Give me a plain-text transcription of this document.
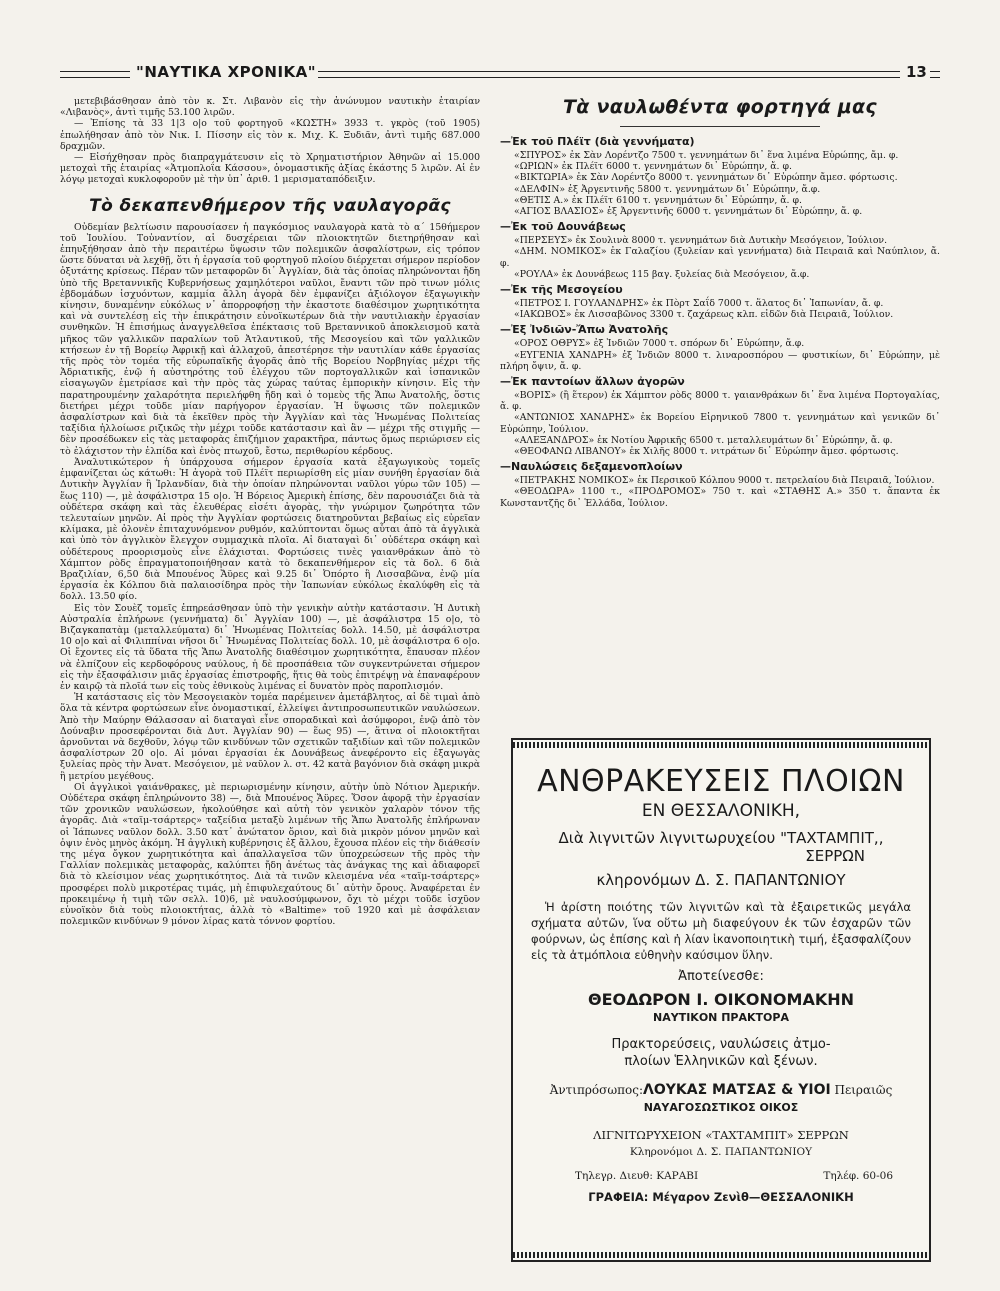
"ΝΑΥΤΙΚΑ ΧΡΟΝΙΚΑ"	13

μετεβιβάσθησαν ἀπὸ τὸν κ. Στ. Λιβανὸν εἰς τὴν ἀνώνυμον ναυτικὴν ἑταιρίαν «Λιβανὸς», ἀντὶ τιμῆς 53.100 λιρῶν.

— Ἐπίσης τὰ 33 1|3 ο|ο τοῦ φορτηγοῦ «ΚΩΣΤΗ» 3933 τ. γκρὸς (τοῦ 1905) ἐπωλήθησαν ἀπὸ τὸν Νικ. Ι. Πίσσην εἰς τὸν κ. Μιχ. Κ. Ξυδιᾶν, ἀντὶ τιμῆς 687.000 δραχμῶν.

— Εἰσήχθησαν πρὸς διαπραγμάτευσιν εἰς τὸ Χρηματιστήριον Ἀθηνῶν αἱ 15.000 μετοχαὶ τῆς ἑταιρίας «Ἀτμοπλοΐα Κάσσου», ὀνομαστικῆς ἀξίας ἑκάστης 5 λιρῶν. Αἱ ἐν λόγῳ μετοχαὶ κυκλοφοροῦν μὲ τὴν ὑπ᾿ ἀριθ. 1 μερισματαπόδειξιν.

Τὸ δεκαπενθήμερον τῆς ναυλαγορᾶς

Οὐδεμίαν βελτίωσιν παρουσίασεν ἡ παγκόσμιος ναυλαγορὰ κατὰ τὸ α΄ 15θήμερον τοῦ Ἰουλίου. Τοὐναντίον, αἱ δυσχέρειαι τῶν πλοιοκτητῶν διετηρήθησαν καὶ ἐπηυξήθησαν ἀπὸ τὴν περαιτέρω ὕψωσιν τῶν πολεμικῶν ἀσφαλίστρων, εἰς τρόπον ὥστε δύναται νὰ λεχθῇ, ὅτι ἡ ἐργασία τοῦ φορτηγοῦ πλοίου διέρχεται σήμερον περίοδον ὀξυτάτης κρίσεως. Πέραν τῶν μεταφορῶν δι᾿ Ἀγγλίαν, διὰ τὰς ὁποίας πληρώνονται ἤδη ὑπὸ τῆς Βρεταννικῆς Κυβερνήσεως χαμηλότεροι ναῦλοι, ἔναντι τῶν πρὸ τινων μόλις ἑβδομάδων ἰσχυόντων, καμμία ἄλλη ἀγορὰ δὲν ἐμφανίζει ἀξιόλογον ἐξαγωγικὴν κίνησιν, δυναμένην εὐκόλως ν᾿ ἀπορροφήσῃ τὴν ἑκαστοτε διαθέσιμον χωρητικότητα καὶ νὰ συντελέσῃ εἰς τὴν ἐπικράτησιν εὐνοϊκωτέρων διὰ τὴν ναυτιλιακὴν ἐργασίαν συνθηκῶν. Ἡ ἐπισήμως ἀναγγελθεῖσα ἐπέκτασις τοῦ Βρεταννικοῦ ἀποκλεισμοῦ κατὰ μῆκος τῶν γαλλικῶν παραλίων τοῦ Ἀτλαντικοῦ, τῆς Μεσογείου καὶ τῶν γαλλικῶν κτήσεων ἐν τῇ Βορείῳ Ἀφρικῇ καὶ ἀλλαχοῦ, ἀπεστέρησε τὴν ναυτιλίαν κάθε ἐργασίας τῆς πρὸς τὸν τομέα τῆς εὐρωπαϊκῆς ἀγορᾶς ἀπὸ τῆς Βορείου Νορβηγίας μέχρι τῆς Ἀδριατικῆς, ἐνῷ ἡ αὐστηρότης τοῦ ἐλέγχου τῶν πορτογαλλικῶν καὶ ἱσπανικῶν εἰσαγωγῶν ἐμετρίασε καὶ τὴν πρὸς τὰς χώρας ταύτας ἐμπορικὴν κίνησιν. Εἰς τὴν παρατηρουμένην χαλαρότητα περιελήφθη ἤδη καὶ ὁ τομεὺς τῆς Ἄπω Ἀνατολῆς, ὅστις διετήρει μέχρι τοῦδε μίαν παρήγορον ἐργασίαν. Ἡ ὕψωσις τῶν πολεμικῶν ἀσφαλίστρων καὶ διὰ τὰ ἐκεῖθεν πρὸς τὴν Ἀγγλίαν καὶ τὰς Ἡνωμένας Πολιτείας ταξίδια ἠλλοίωσε ριζικῶς τὴν μέχρι τοῦδε κατάστασιν καὶ ἂν — μέχρι τῆς στιγμῆς — δὲν προσέδωκεν εἰς τὰς μεταφορὰς ἐπιζήμιον χαρακτῆρα, πάντως ὅμως περιώρισεν εἰς τὸ ἐλάχιστον τὴν ἐλπίδα καὶ ἐνὸς πτωχοῦ, ἔστω, περιθωρίου κέρδους.

Ἀναλυτικώτερον ἡ ὑπάρχουσα σήμερον ἐργασία κατὰ ἐξαγωγικοὺς τομεῖς ἐμφανίζεται ὡς κάτωθι: Ἡ ἀγορὰ τοῦ Πλέϊτ περιωρίσθη εἰς μίαν συνήθη ἐργασίαν διὰ Δυτικὴν Ἀγγλίαν ἢ Ἰρλανδίαν, διὰ τὴν ὁποίαν πληρώνονται ναῦλοι γύρω τῶν 105) — ἕως 110) —, μὲ ἀσφάλιστρα 15 ο|ο. Ἡ Βόρειος Ἀμερικὴ ἐπίσης, δὲν παρουσιάζει διὰ τὰ οὐδέτερα σκάφη καὶ τὰς ἐλευθέρας εἰσέτι ἀγορὰς, τὴν γνώριμον ζωηρότητα τῶν τελευταίων μηνῶν. Αἱ πρὸς τὴν Ἀγγλίαν φορτώσεις διατηροῦνται βεβαίως εἰς εὐρεῖαν κλίμακα, μὲ ὀλονὲν ἐπιταχυνόμενον ρυθμόν, καλύπτονται ὅμως αὗται ἀπὸ τὰ ἀγγλικὰ καὶ ὑπὸ τὸν ἀγγλικὸν ἔλεγχον συμμαχικὰ πλοῖα. Αἱ διαταγαὶ δι᾿ οὐδέτερα σκάφη καὶ οὐδέτερους προορισμοὺς εἶνε ἐλάχισται. Φορτώσεις τινὲς γαιανθράκων ἀπὸ τὸ Χάμπτον ρὸδς ἐπραγματοποιήθησαν κατὰ τὸ δεκαπενθήμερον εἰς τὰ δολ. 6 διὰ Βραζιλίαν, 6,50 διὰ Μπουένος Ἄϋρες καὶ 9.25 δι᾿ Ὀπόρτο ἢ Λισσαβῶνα, ἐνῷ μία ἐργασία ἐκ Κόλπου διὰ παλαιοσίδηρα πρὸς τὴν Ἰαπωνίαν εὐκόλως ἐκαλύφθη εἰς τὰ δολλ. 13.50 φίο.

Εἰς τὸν Σουὲζ τομεῖς ἐπηρεάσθησαν ὑπὸ τὴν γενικὴν αὐτὴν κατάστασιν. Ἡ Δυτικὴ Αὐστραλία ἐπλήρωνε (γεννήματα) δι᾿ Ἀγγλίαν 100) —, μὲ ἀσφάλιστρα 15 ο|ο, τὸ Βιζαγκαπατὰμ (μεταλλεύματα) δι᾿ Ἡνωμένας Πολιτείας δολλ. 14.50, μὲ ἀσφάλιστρα 10 ο|ο καὶ αἱ Φιλιππίναι νῆσοι δι᾿ Ἡνωμένας Πολιτείας δολλ. 10, μὲ ἀσφάλιστρα 6 ο|ο. Οἱ ἔχοντες εἰς τὰ ὕδατα τῆς Ἄπω Ἀνατολῆς διαθέσιμον χωρητικότητα, ἔπαυσαν πλέον νὰ ἐλπίζουν εἰς κερδοφόρους ναύλους, ἡ δὲ προσπάθεια τῶν συγκεντρώνεται σήμερον εἰς τὴν ἐξασφάλισιν μιᾶς ἐργασίας ἐπιστροφῆς, ἥτις θὰ τοὺς ἐπιτρέψῃ νὰ ἐπαναφέρουν ἐν καιρῷ τὰ πλοῖά των εἰς τοὺς ἐθνικοὺς λιμένας εἰ δυνατὸν πρὸς παροπλισμόν.

Ἡ κατάστασις εἰς τὸν Μεσογειακὸν τομέα παρέμεινεν ἀμετάβλητος, αἱ δὲ τιμαὶ ἀπὸ ὅλα τὰ κέντρα φορτώσεων εἶνε ὀνομαστικαί, ἐλλείψει ἀντιπροσωπευτικῶν ναυλώσεων. Ἀπὸ τὴν Μαύρην Θάλασσαν αἱ διαταγαὶ εἶνε σποραδικαὶ καὶ ἀσύμφοροι, ἐνῷ ἀπὸ τὸν Δούναβιν προσεφέρονται διὰ Δυτ. Ἀγγλίαν 90) — ἕως 95) —, ἅτινα οἱ πλοιοκτῆται ἀρνοῦνται νὰ δεχθοῦν, λόγῳ τῶν κινδύνων τῶν σχετικῶν ταξιδίων καὶ τῶν πολεμικῶν ἀσφαλίστρων 20 ο|ο. Αἱ μόναι ἐργασίαι ἐκ Δουνάβεως ἀνεφέροντο εἰς ἐξαγωγὰς ξυλείας πρὸς τὴν Ἀνατ. Μεσόγειον, μὲ ναῦλον λ. στ. 42 κατὰ βαγόνιον διὰ σκάφη μικρὰ ἢ μετρίου μεγέθους.

Οἱ ἀγγλικοὶ γαιάνθρακες, μὲ περιωρισμένην κίνησιν, αὐτὴν ὑπὸ Νότιον Ἀμερικήν. Οὐδέτερα σκάφη ἐπληρώνοντο 38) —, διὰ Μπουένος Ἄϋρες. Ὅσον ἀφορᾷ τὴν ἐργασίαν τῶν χρονικῶν ναυλώσεων, ἠκολούθησε καὶ αὐτὴ τὸν γενικὸν χαλαρὸν τόνον τῆς ἀγορᾶς. Διὰ «ταϊμ-τσάρτερς» ταξείδια μεταξὺ λιμένων τῆς Ἄπω Ἀνατολῆς ἐπλήρωναν οἱ Ἰάπωνες ναῦλον δολλ. 3.50 κατ᾿ ἀνώτατον ὅριον, καὶ διὰ μικρὸν μόνον μηνῶν καὶ ὀψιν ἐνὸς μηνὸς ἀκόμη. Ἡ ἀγγλικὴ κυβέρνησις ἐξ ἄλλου, ἔχουσα πλέον εἰς τὴν διάθεσίν της μέγα ὄγκον χωρητικότητα καὶ ἀπαλλαγεῖσα τῶν ὑποχρεώσεων τῆς πρὸς τὴν Γαλλίαν πολεμικὰς μεταφορὰς, καλύπτει ἤδη ἀνέτως τὰς ἀνάγκας της καὶ ἀδιαφορεῖ διὰ τὸ κλείσιμον νέας χωρητικότητος. Διὰ τὰ τινῶν κλεισμένα νέα «ταϊμ-τσάρτερς» προσφέρει πολὺ μικροτέρας τιμάς, μὴ ἐπιφυλεχαύτους δι᾿ αὐτὴν ὄρους. Ἀναφέρεται ἐν προκειμένῳ ἡ τιμὴ τῶν σελλ. 10)6, μὲ ναυλοσύμφωνον, ὄχι τὸ μέχρι τοῦδε ἰσχῦον εὐνοϊκὸν διὰ τοὺς πλοιοκτήτας, ἀλλὰ τὸ «Baltime» τοῦ 1920 καὶ μὲ ἀσφάλειαν πολεμικῶν κινδύνων 9 μόνον λίρας κατὰ τόννον φορτίου.

Τὰ ναυλωθέντα φορτηγά μας
—Ἐκ τοῦ Πλέϊτ (διὰ γεννήματα)

«ΣΠΥΡΟΣ» ἐκ Σὰν Λορέντζο 7500 τ. γεννημάτων δι᾿ ἕνα λιμένα Εὐρώπης, ἄμ. φ.

«ΩΡΙΩΝ» ἐκ Πλέϊτ 6000 τ. γεννημάτων δι᾿ Εὐρώπην, ἄ. φ.

«ΒΙΚΤΩΡΙΑ» ἐκ Σὰν Λορέντζο 8000 τ. γεννημάτων δι᾿ Εὐρώπην ἄμεσ. φόρτωσις.

«ΔΕΛΦΙΝ» ἐξ Ἀργεντινῆς 5800 τ. γεννημάτων δι᾿ Εὐρώπην, ἄ.φ.

«ΘΕΤΙΣ Α.» ἐκ Πλέϊτ 6100 τ. γεννημάτων δι᾿ Εὐρώπην, ἄ. φ.

«ΑΓΙΟΣ ΒΛΑΣΙΟΣ» ἐξ Ἀργεντινῆς 6000 τ. γεννημάτων δι᾿ Εὐρώπην, ἄ. φ.

—Ἐκ τοῦ Δουνάβεως

«ΠΕΡΣΕΥΣ» ἐκ Σουλινὰ 8000 τ. γεννημάτων διὰ Δυτικὴν Μεσόγειον, Ἰούλιον.

«ΔΗΜ. ΝΟΜΙΚΟΣ» ἐκ Γαλαζίου (ξυλείαν καὶ γεννήματα) διὰ Πειραιᾶ καὶ Ναύπλιον, ἄ. φ.

«ΡΟΥΛΑ» ἐκ Δουνάβεως 115 βαγ. ξυλείας διὰ Μεσόγειον, ἄ.φ.

—Ἐκ τῆς Μεσογείου

«ΠΕΤΡΟΣ Ι. ΓΟΥΛΑΝΔΡΗΣ» ἐκ Πὸρτ Σαΐδ 7000 τ. ἅλατος δι᾿ Ἰαπωνίαν, ἄ. φ.

«ΙΑΚΩΒΟΣ» ἐκ Λισσαβῶνος 3300 τ. ζαχάρεως κλπ. εἰδῶν διὰ Πειραιᾶ, Ἰούλιον.

—Ἐξ Ἰνδιῶν-Ἄπω Ἀνατολῆς

«ΟΡΟΣ ΟΘΡΥΣ» ἐξ Ἰνδιῶν 7000 τ. σπόρων δι᾿ Εὐρώπην, ἄ.φ.

«ΕΥΓΕΝΙΑ ΧΑΝΔΡΗ» ἐξ Ἰνδιῶν 8000 τ. λιναροσπόρου — φυστικίων, δι᾿ Εὐρώπην, μὲ πλήρη ὄψιν, ἄ. φ.

—Ἐκ παντοίων ἄλλων ἀγορῶν

«ΒΟΡΙΣ» (ἢ ἕτερον) ἐκ Χάμπτον ρὸδς 8000 τ. γαιανθράκων δι᾿ ἕνα λιμένα Πορτογαλίας, ἄ. φ.

«ΑΝΤΩΝΙΟΣ ΧΑΝΔΡΗΣ» ἐκ Βορείου Εἰρηνικοῦ 7800 τ. γεννημάτων καὶ γενικῶν δι᾿ Εὐρώπην, Ἰούλιον.

«ΑΛΕΞΑΝΔΡΟΣ» ἐκ Νοτίου Ἀφρικῆς 6500 τ. μεταλλευμάτων δι᾿ Εὐρώπην, ἄ. φ.

«ΘΕΟΦΑΝΩ ΛΙΒΑΝΟΥ» ἐκ Χιλῆς 8000 τ. νιτράτων δι᾿ Εὐρώπην ἄμεσ. φόρτωσις.

—Ναυλώσεις δεξαμενοπλοίων

«ΠΕΤΡΑΚΗΣ ΝΟΜΙΚΟΣ» ἐκ Περσικοῦ Κόλπου 9000 τ. πετρελαίου διὰ Πειραιᾶ, Ἰούλιον.

«ΘΕΟΔΩΡΑ» 1100 τ., «ΠΡΟΔΡΟΜΟΣ» 750 τ. καὶ «ΣΤΑΘΗΣ Α.» 350 τ. ἅπαντα ἐκ Κωνσταντζῆς δι᾿ Ἑλλάδα, Ἰούλιον.

ΑΝΘΡΑΚΕΥΣΕΙΣ ΠΛΟΙΩΝ
ΕΝ ΘΕΣΣΑΛΟΝΙΚΗ,
Διὰ λιγνιτῶν λιγνιτωρυχείου "ΤΑΧΤΑΜΠΙΤ,,
ΣΕΡΡΩΝ
κληρονόμων Δ. Σ. ΠΑΠΑΝΤΩΝΙΟΥ
Ἡ ἀρίστη ποιότης τῶν λιγνιτῶν καὶ τὰ ἐξαιρετικῶς μεγάλα σχήματα αὐτῶν, ἵνα οὕτω μὴ διαφεύγουν ἐκ τῶν ἐσχαρῶν τῶν φούρνων, ὡς ἐπίσης καὶ ἡ λίαν ἱκανοποιητικὴ τιμή, ἐξασφαλίζουν εἰς τὰ ἀτμόπλοια εὐθηνὴν καύσιμον ὕλην.
Ἀποτείνεσθε:
ΘΕΟΔΩΡΟΝ Ι. ΟΙΚΟΝΟΜΑΚΗΝ
ΝΑΥΤΙΚΟΝ ΠΡΑΚΤΟΡΑ
Πρακτορεύσεις, ναυλώσεις ἀτμο-
πλοίων Ἑλληνικῶν καὶ ξένων.
Ἀντιπρόσωπος:ΛΟΥΚΑΣ ΜΑΤΣΑΣ & ΥΙΟΙ Πειραιῶς
ΝΑΥΑΓΟΣΩΣΤΙΚΟΣ ΟΙΚΟΣ
ΛΙΓΝΙΤΩΡΥΧΕΙΟΝ «ΤΑΧΤΑΜΠΙΤ» ΣΕΡΡΩΝ
Κληρονόμοι Δ. Σ. ΠΑΠΑΝΤΩΝΙΟΥ
Τηλεγρ. Διευθ: ΚΑΡΑΒΙ	Τηλέφ. 60-06
ΓΡΑΦΕΙΑ: Μέγαρον Ζενὶθ—ΘΕΣΣΑΛΟΝΙΚΗ
